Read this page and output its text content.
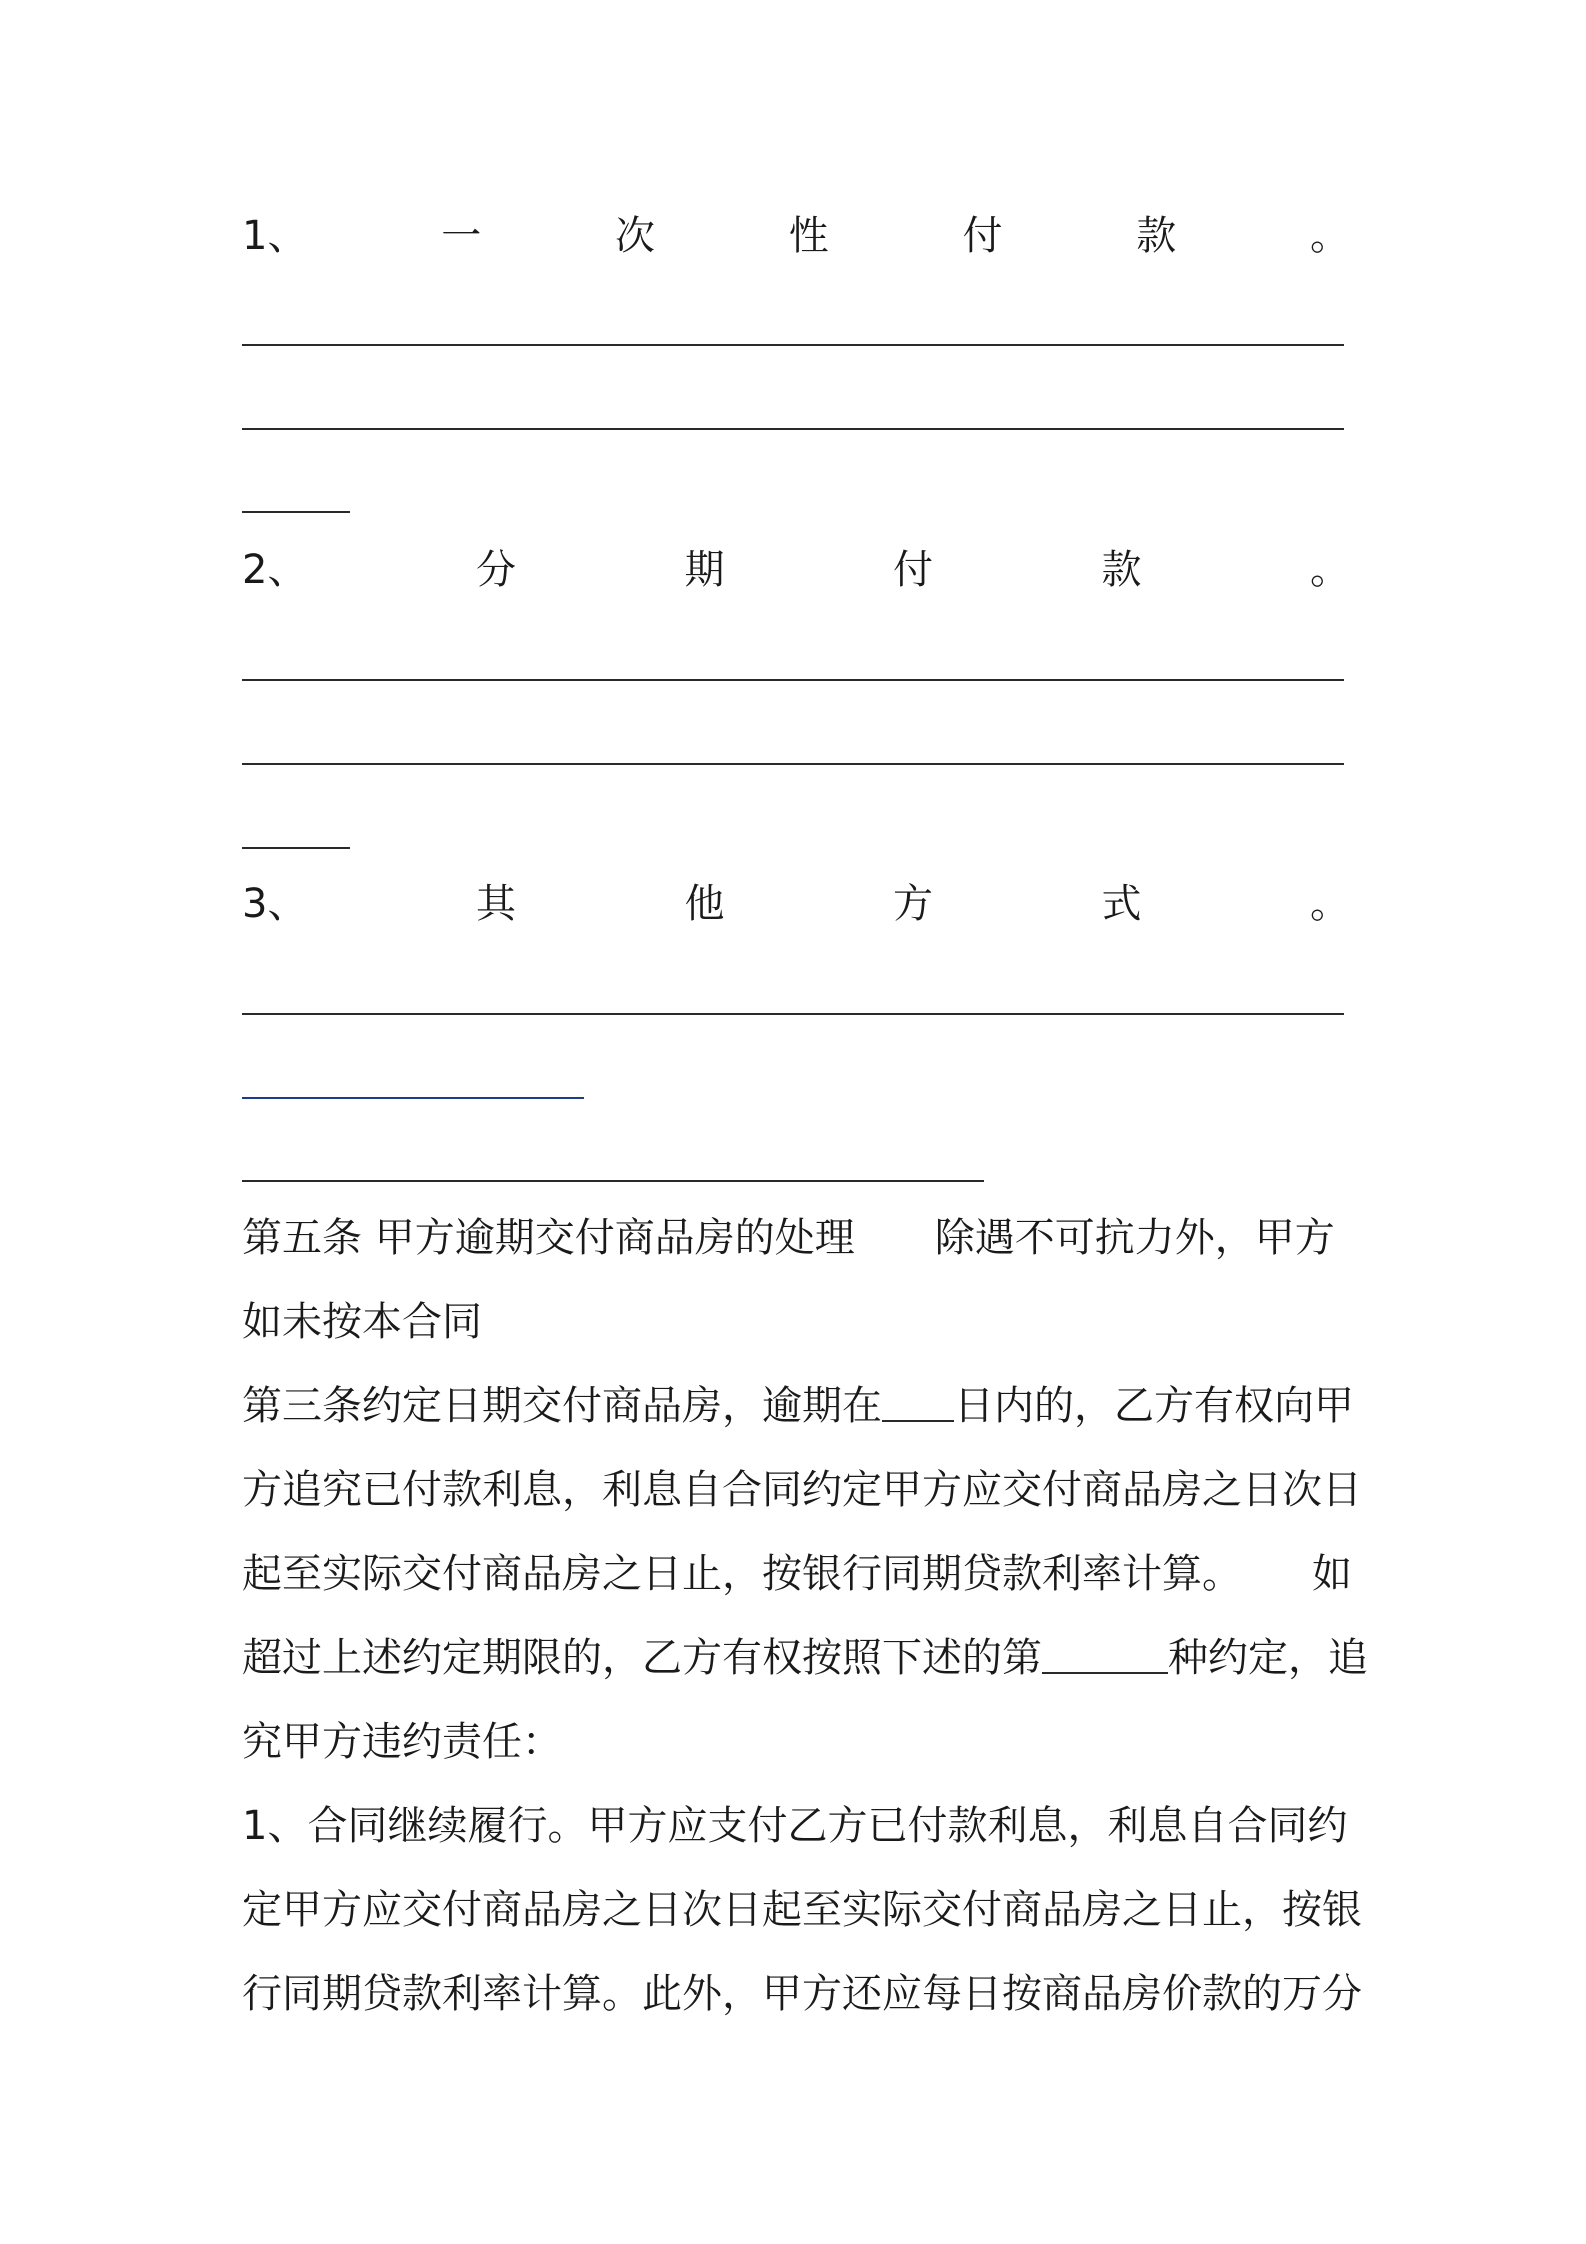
1、	一	次	性	付	款	。
2、	分	期	付	款	。
3、	其	他	方	式	。
第五条 甲方逾期交付商品房的处理 除遇不可抗力外，甲方
如未按本合同
第三条约定日期交付商品房，逾期在 日内的，乙方有权向甲
方追究已付款利息，利息自合同约定甲方应交付商品房之日次日
起至实际交付商品房之日止，按银行同期贷款利率计算。 如
超过上述约定期限的，乙方有权按照下述的第	种约定，追
究甲方违约责任：
1、合同继续履行。甲方应支付乙方已付款利息，利息自合同约
定甲方应交付商品房之日次日起至实际交付商品房之日止，按银
行同期贷款利率计算。此外，甲方还应每日按商品房价款的万分
